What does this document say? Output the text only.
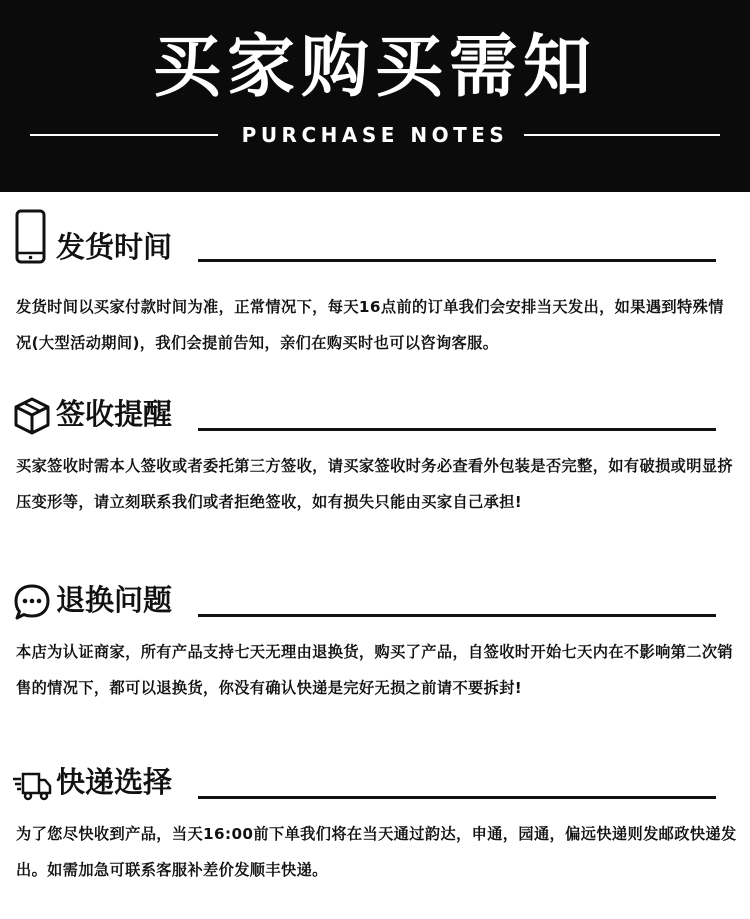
买家购买需知
PURCHASE NOTES
发货时间
发货时间以买家付款时间为准，正常情况下，每天16点前的订单我们会安排当天发出，如果遇到特殊情况(大型活动期间)，我们会提前告知，亲们在购买时也可以咨询客服。
签收提醒
买家签收时需本人签收或者委托第三方签收，请买家签收时务必查看外包装是否完整，如有破损或明显挤压变形等，请立刻联系我们或者拒绝签收，如有损失只能由买家自己承担!
退换问题
本店为认证商家，所有产品支持七天无理由退换货，购买了产品，自签收时开始七天内在不影响第二次销售的情况下，都可以退换货，你没有确认快递是完好无损之前请不要拆封!
快递选择
为了您尽快收到产品，当天16:00前下单我们将在当天通过韵达，申通，园通，偏远快递则发邮政快递发出。如需加急可联系客服补差价发顺丰快递。
